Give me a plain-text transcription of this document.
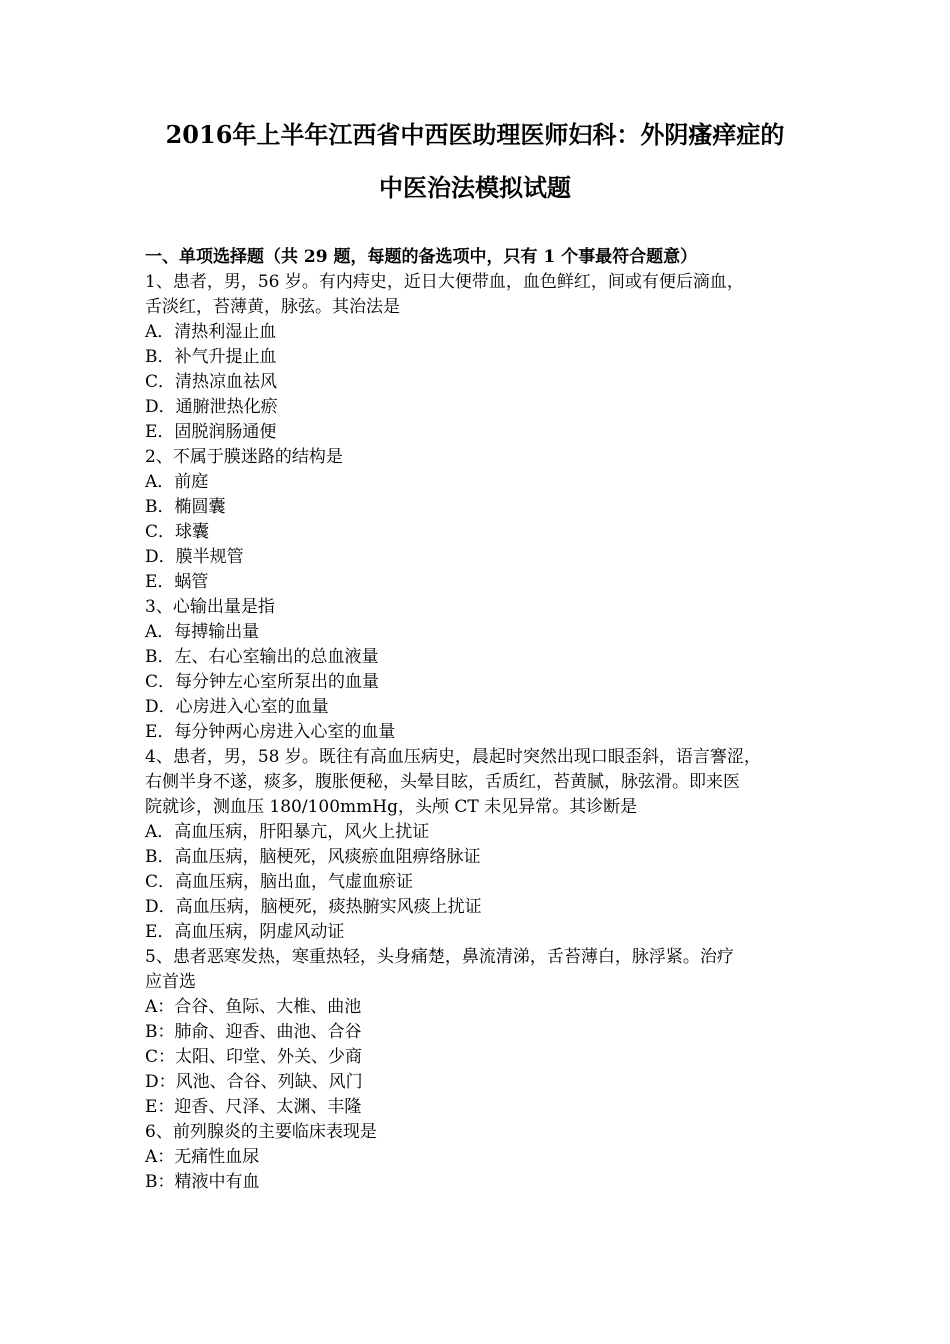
2016年上半年江西省中西医助理医师妇科：外阴瘙痒症的
中医治法模拟试题
一、单项选择题（共 29 题，每题的备选项中，只有 1 个事最符合题意）
1、患者，男，56 岁。有内痔史，近日大便带血，血色鲜红，间或有便后滴血，
舌淡红，苔薄黄，脉弦。其治法是
A．清热利湿止血
B．补气升提止血
C．清热凉血祛风
D．通腑泄热化瘀
E．固脱润肠通便
2、不属于膜迷路的结构是
A．前庭
B．椭圆囊
C．球囊
D．膜半规管
E．蜗管
3、心输出量是指
A．每搏输出量
B．左、右心室输出的总血液量
C．每分钟左心室所泵出的血量
D．心房进入心室的血量
E．每分钟两心房进入心室的血量
4、患者，男，58 岁。既往有高血压病史，晨起时突然出现口眼歪斜，语言謇涩，
右侧半身不遂，痰多，腹胀便秘，头晕目眩，舌质红，苔黄腻，脉弦滑。即来医
院就诊，测血压 180/100mmHg，头颅 CT 未见异常。其诊断是
A．高血压病，肝阳暴亢，风火上扰证
B．高血压病，脑梗死，风痰瘀血阻痹络脉证
C．高血压病，脑出血，气虚血瘀证
D．高血压病，脑梗死，痰热腑实风痰上扰证
E．高血压病，阴虚风动证
5、患者恶寒发热，寒重热轻，头身痛楚，鼻流清涕，舌苔薄白，脉浮紧。治疗
应首选
A：合谷、鱼际、大椎、曲池
B：肺俞、迎香、曲池、合谷
C：太阳、印堂、外关、少商
D：风池、合谷、列缺、风门
E：迎香、尺泽、太渊、丰隆
6、前列腺炎的主要临床表现是
A：无痛性血尿
B：精液中有血
